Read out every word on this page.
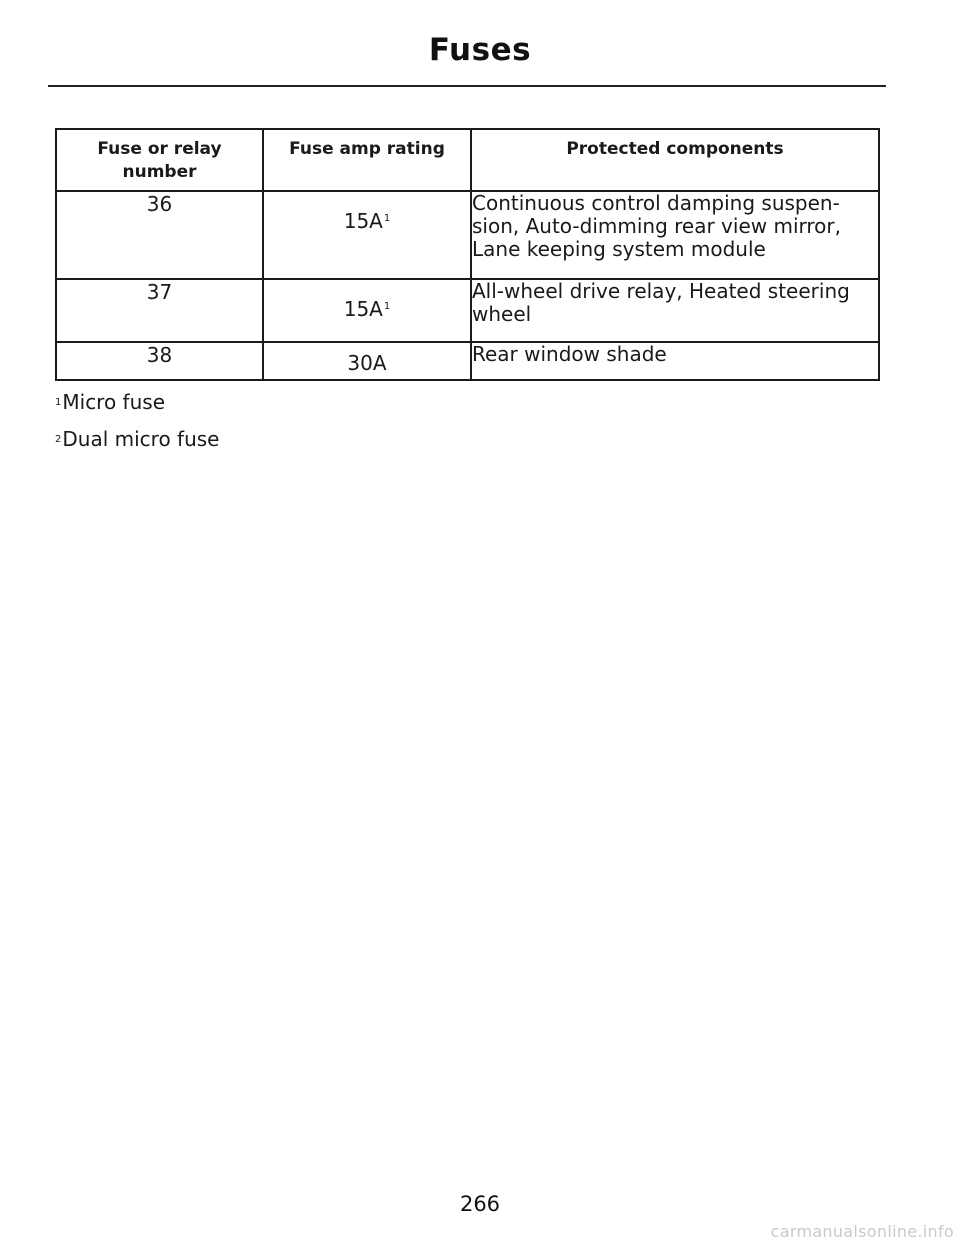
Fuses
Fuse or relay number	Fuse amp rating	Protected components
36	15A$^1$	Continuous control damping suspen-sion, Auto-dimming rear view mirror, Lane keeping system module

37	15A$^1$	All-wheel drive relay, Heated steering wheel
38	30A	Rear window shade

$^1$Micro fuse

$^2$Dual micro fuse

266
carmanualsonline.info
